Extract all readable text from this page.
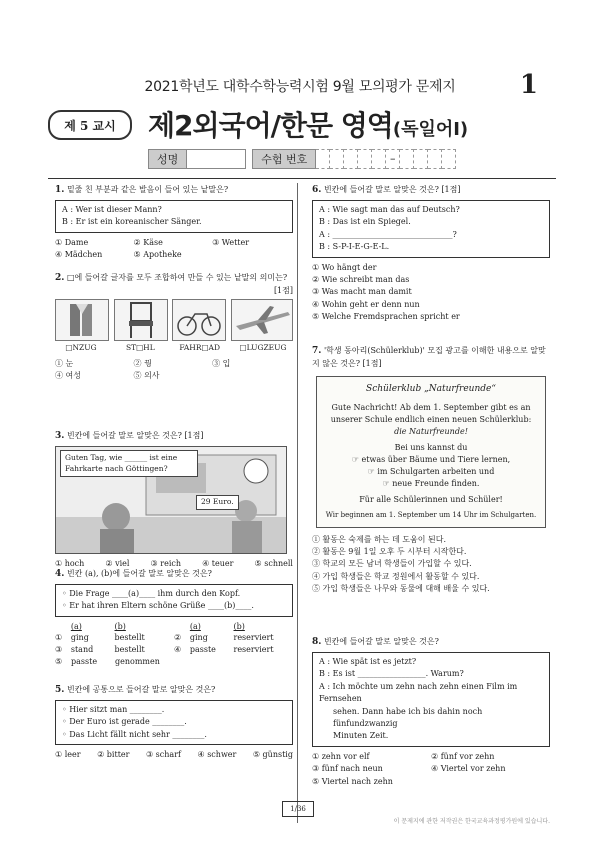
2021학년도 대학수학능력시험 9월 모의평가 문제지	1
제 5 교시	제2외국어/한문 영역(독일어Ⅰ)
성명	수험 번호	–
1. 밑줄 친 부분과 같은 발음이 들어 있는 낱말은?
A : Wer ist dieser Mann?
B : Er ist ein koreanischer Sänger.
① Dame	② Käse	③ Wetter
④ Mädchen	⑤ Apotheke
2. □에 들어갈 글자를 모두 조합하여 만들 수 있는 낱말의 의미는?
[1점]
□NZUG	ST□HL	FAHR□AD	□LUGZEUG
① 눈	② 꿩	③ 입
④ 여성	⑤ 의사
3. 빈칸에 들어갈 말로 알맞은 것은? [1점]
Guten Tag, wie ______ ist eine Fahrkarte nach Göttingen?
29 Euro.
① hoch	② viel	③ reich	④ teuer	⑤ schnell
4. 빈칸 (a), (b)에 들어갈 말로 알맞은 것은?
◦ Die Frage ____(a)____ ihm durch den Kopf.
◦ Er hat ihren Eltern schöne Grüße ____(b)____.
(a)	(b)	(a)	(b)
①	ging	bestellt	②	ging	reserviert
③	stand	bestellt	④	passte	reserviert
⑤	passte	genommen
5. 빈칸에 공통으로 들어갈 말로 알맞은 것은?
◦ Hier sitzt man ________.
◦ Der Euro ist gerade ________.
◦ Das Licht fällt nicht sehr ________.
① leer ② bitter ③ scharf ④ schwer ⑤ günstig
6. 빈칸에 들어갈 말로 알맞은 것은? [1점]
A : Wie sagt man das auf Deutsch?
B : Das ist ein Spiegel.
A : ______________________________?
B : S-P-I-E-G-E-L.
① Wo hängt der
② Wie schreibt man das
③ Was macht man damit
④ Wohin geht er denn nun
⑤ Welche Fremdsprachen spricht er
7. '학생 동아리(Schülerklub)' 모집 광고를 이해한 내용으로 알맞지 않은 것은? [1점]
Schülerklub „Naturfreunde“
Gute Nachricht! Ab dem 1. September gibt es an
unserer Schule endlich einen neuen Schülerklub:
die Naturfreunde!
Bei uns kannst du
☞ etwas über Bäume und Tiere lernen,
☞ im Schulgarten arbeiten und
☞ neue Freunde finden.
Für alle Schülerinnen und Schüler!
Wir beginnen am 1. September um 14 Uhr im Schulgarten.
① 활동은 숙제를 하는 데 도움이 된다.
② 활동은 9월 1일 오후 두 시부터 시작한다.
③ 학교의 모든 남녀 학생들이 가입할 수 있다.
④ 가입 학생들은 학교 정원에서 활동할 수 있다.
⑤ 가입 학생들은 나무와 동물에 대해 배울 수 있다.
8. 빈칸에 들어갈 말로 알맞은 것은?
A : Wie spät ist es jetzt?
B : Es ist _________________. Warum?
A : Ich möchte um zehn nach zehn einen Film im Fernsehen
sehen. Dann habe ich bis dahin noch fünfundzwanzig
Minuten Zeit.
① zehn vor elf	② fünf vor zehn
③ fünf nach neun	④ Viertel vor zehn
⑤ Viertel nach zehn
1/36
이 문제지에 관한 저작권은 한국교육과정평가원에 있습니다.
